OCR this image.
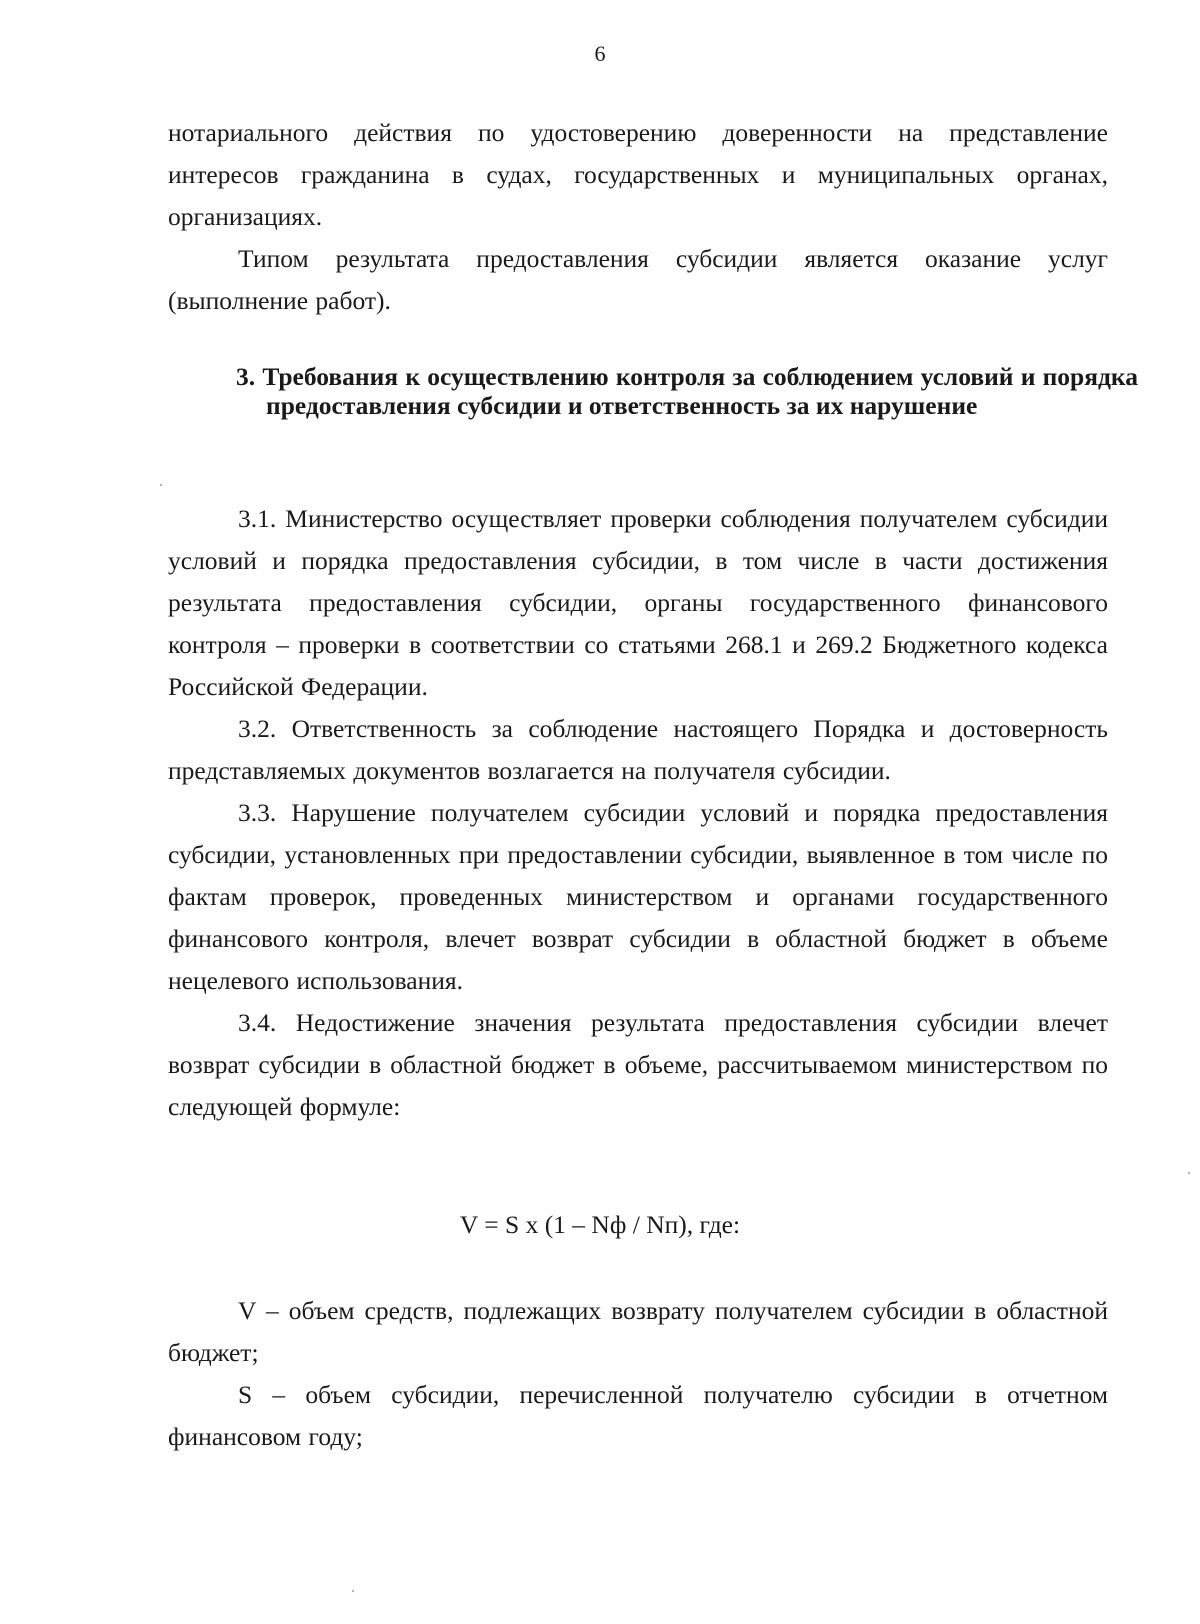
6

нотариального действия по удостоверению доверенности на представление интересов гражданина в судах, государственных и муниципальных органах, организациях.

Типом результата предоставления субсидии является оказание услуг (выполнение работ).

3. Требования к осуществлению контроля за соблюдением условий и порядка предоставления субсидии и ответственность за их нарушение

3.1. Министерство осуществляет проверки соблюдения получателем субсидии условий и порядка предоставления субсидии, в том числе в части достижения результата предоставления субсидии, органы государственного финансового контроля – проверки в соответствии со статьями 268.1 и 269.2 Бюджетного кодекса Российской Федерации.

3.2. Ответственность за соблюдение настоящего Порядка и достоверность представляемых документов возлагается на получателя субсидии.

3.3. Нарушение получателем субсидии условий и порядка предоставления субсидии, установленных при предоставлении субсидии, выявленное в том числе по фактам проверок, проведенных министерством и органами государственного финансового контроля, влечет возврат субсидии в областной бюджет в объеме нецелевого использования.

3.4. Недостижение значения результата предоставления субсидии влечет возврат субсидии в областной бюджет в объеме, рассчитываемом министерством по следующей формуле:

V = S x (1 – Nф / Nп), где:

V – объем средств, подлежащих возврату получателем субсидии в областной бюджет;

S – объем субсидии, перечисленной получателю субсидии в отчетном финансовом году;
